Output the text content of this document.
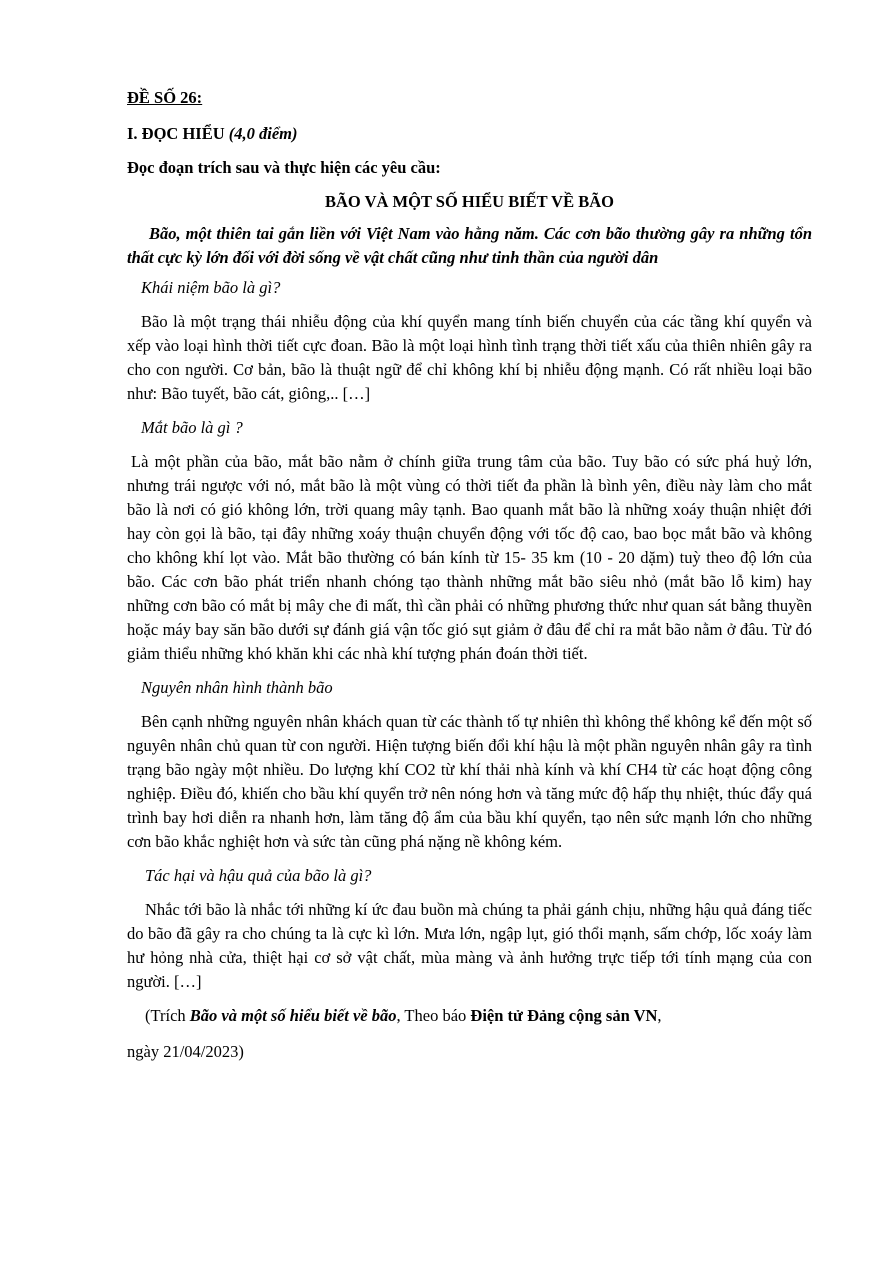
ĐỀ SỐ 26:

I. ĐỌC HIỂU (4,0 điểm)

Đọc đoạn trích sau và thực hiện các yêu cầu:

BÃO VÀ MỘT SỐ HIỂU BIẾT VỀ BÃO

Bão, một thiên tai gắn liền với Việt Nam vào hằng năm. Các cơn bão thường gây ra những tổn thất cực kỳ lớn đối với đời sống về vật chất cũng như tinh thần của người dân

Khái niệm bão là gì?

Bão là một trạng thái nhiễu động của khí quyển mang tính biến chuyển của các tầng khí quyển và xếp vào loại hình thời tiết cực đoan. Bão là một loại hình tình trạng thời tiết xấu của thiên nhiên gây ra cho con người. Cơ bản, bão là thuật ngữ để chỉ không khí bị nhiễu động mạnh. Có rất nhiều loại bão như: Bão tuyết, bão cát, giông,.. […]

Mắt bão là gì ?

Là một phần của bão, mắt bão nằm ở chính giữa trung tâm của bão. Tuy bão có sức phá huỷ lớn, nhưng trái ngược với nó, mắt bão là một vùng có thời tiết đa phần là bình yên, điều này làm cho mắt bão là nơi có gió không lớn, trời quang mây tạnh. Bao quanh mắt bão là những xoáy thuận nhiệt đới hay còn gọi là bão, tại đây những xoáy thuận chuyển động với tốc độ cao, bao bọc mắt bão và không cho không khí lọt vào. Mắt bão thường có bán kính từ 15- 35 km (10 - 20 dặm) tuỳ theo độ lớn của bão. Các cơn bão phát triển nhanh chóng tạo thành những mắt bão siêu nhỏ (mắt bão lỗ kim) hay những cơn bão có mắt bị mây che đi mất, thì cần phải có những phương thức như quan sát bằng thuyền hoặc máy bay săn bão dưới sự đánh giá vận tốc gió sụt giảm ở đâu để chỉ ra mắt bão nằm ở đâu. Từ đó giảm thiểu những khó khăn khi các nhà khí tượng phán đoán thời tiết.

Nguyên nhân hình thành bão

Bên cạnh những nguyên nhân khách quan từ các thành tố tự nhiên thì không thể không kể đến một số nguyên nhân chủ quan từ con người. Hiện tượng biến đổi khí hậu là một phần nguyên nhân gây ra tình trạng bão ngày một nhiều. Do lượng khí CO2 từ khí thải nhà kính và khí CH4 từ các hoạt động công nghiệp. Điều đó, khiến cho bầu khí quyển trở nên nóng hơn và tăng mức độ hấp thụ nhiệt, thúc đẩy quá trình bay hơi diễn ra nhanh hơn, làm tăng độ ẩm của bầu khí quyển, tạo nên sức mạnh lớn cho những cơn bão khắc nghiệt hơn và sức tàn cũng phá nặng nề không kém.

Tác hại và hậu quả của bão là gì?

Nhắc tới bão là nhắc tới những kí ức đau buồn mà chúng ta phải gánh chịu, những hậu quả đáng tiếc do bão đã gây ra cho chúng ta là cực kì lớn. Mưa lớn, ngập lụt, gió thổi mạnh, sấm chớp, lốc xoáy làm hư hỏng nhà cửa, thiệt hại cơ sở vật chất, mùa màng và ảnh hưởng trực tiếp tới tính mạng của con người. […]

(Trích Bão và một số hiểu biết về bão, Theo báo Điện tử Đảng cộng sản VN,

ngày 21/04/2023)
